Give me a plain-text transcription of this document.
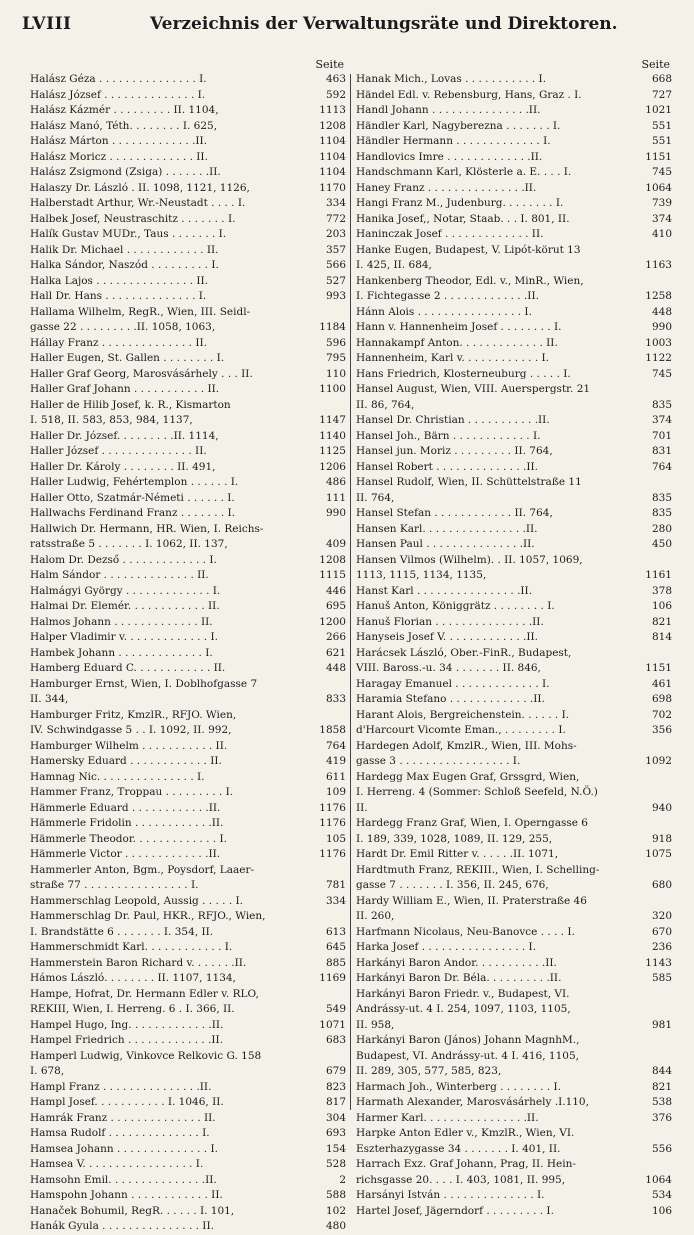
LVIII	Verzeichnis der Verwaltungsräte und Direktoren.
Seite
Halász Géza . . . . . . . . . . . . . . . I.	463
Halász József . . . . . . . . . . . . . . I.	592
Halász Kázmér . . . . . . . . . II. 1104,	1113
Halász Manó, Téth. . . . . . . . I. 625,	1208
Halász Márton . . . . . . . . . . . . .II.	1104
Halász Moricz . . . . . . . . . . . . . II.	1104
Halász Zsigmond (Zsiga) . . . . . . .II.	1104
Halaszy Dr. László . II. 1098, 1121, 1126,	1170
Halberstadt Arthur, Wr.-Neustadt . . . . I.	334
Halbek Josef, Neustraschitz . . . . . . . I.	772
Halík Gustav MUDr., Taus . . . . . . . I.	203
Halik Dr. Michael . . . . . . . . . . . . II.	357
Halka Sándor, Naszód . . . . . . . . . I.	566
Halka Lajos . . . . . . . . . . . . . . . II.	527
Hall Dr. Hans . . . . . . . . . . . . . . I.	993
Hallama Wilhelm, RegR., Wien, III. Seidl-
gasse 22 . . . . . . . . .II. 1058, 1063,	1184
Hállay Franz . . . . . . . . . . . . . . II.	596
Haller Eugen, St. Gallen . . . . . . . . I.	795
Haller Graf Georg, Marosvásárhely . . . II.	110
Haller Graf Johann . . . . . . . . . . . II.	1100
Haller de Hilib Josef, k. R., Kismarton
I. 518, II. 583, 853, 984, 1137,	1147
Haller Dr. József. . . . . . . . .II. 1114,	1140
Haller József . . . . . . . . . . . . . . II.	1125
Haller Dr. Károly . . . . . . . . II. 491,	1206
Haller Ludwig, Fehértemplon . . . . . . I.	486
Haller Otto, Szatmár-Németi . . . . . . I.	111
Hallwachs Ferdinand Franz . . . . . . . I.	990
Hallwich Dr. Hermann, HR. Wien, I. Reichs-
ratsstraße 5 . . . . . . . I. 1062, II. 137,	409
Halom Dr. Dezső . . . . . . . . . . . . . I.	1208
Halm Sándor . . . . . . . . . . . . . . II.	1115
Halmágyi György . . . . . . . . . . . . . I.	446
Halmai Dr. Elemér. . . . . . . . . . . . II.	695
Halmos Johann . . . . . . . . . . . . . II.	1200
Halper Vladimir v. . . . . . . . . . . . . I.	266
Hambek Johann . . . . . . . . . . . . . I.	621
Hamberg Eduard C. . . . . . . . . . . . II.	448
Hamburger Ernst, Wien, I. Doblhofgasse 7
II. 344,	833
Hamburger Fritz, KmzlR., RFJO. Wien,
IV. Schwindgasse 5 . . I. 1092, II. 992,	1858
Hamburger Wilhelm . . . . . . . . . . . II.	764
Hamersky Eduard . . . . . . . . . . . . II.	419
Hamnag Nic. . . . . . . . . . . . . . . I.	611
Hammer Franz, Troppau . . . . . . . . . I.	109
Hämmerle Eduard . . . . . . . . . . . .II.	1176
Hämmerle Fridolin . . . . . . . . . . . .II.	1176
Hämmerle Theodor. . . . . . . . . . . . . I.	105
Hämmerle Victor . . . . . . . . . . . . .II.	1176
Hammerler Anton, Bgm., Poysdorf, Laaer-
straße 77 . . . . . . . . . . . . . . . . I.	781
Hammerschlag Leopold, Aussig . . . . . I.	334
Hammerschlag Dr. Paul, HKR., RFJO., Wien,
I. Brandstätte 6 . . . . . . . I. 354, II.	613
Hammerschmidt Karl. . . . . . . . . . . . I.	645
Hammerstein Baron Richard v. . . . . . .II.	885
Hámos László. . . . . . . . II. 1107, 1134,	1169
Hampe, Hofrat, Dr. Hermann Edler v. RLO,
REKIII, Wien, I. Herreng. 6 . I. 366, II.	549
Hampel Hugo, Ing. . . . . . . . . . . . .II.	1071
Hampel Friedrich . . . . . . . . . . . . .II.	683
Hamperl Ludwig, Vinkovce Relkovic G. 158
I. 678,	679
Hampl Franz . . . . . . . . . . . . . . .II.	823
Hampl Josef. . . . . . . . . . . I. 1046, II.	817
Hamrák Franz . . . . . . . . . . . . . . II.	304
Hamsa Rudolf . . . . . . . . . . . . . . I.	693
Hamsea Johann . . . . . . . . . . . . . . I.	154
Hamsea V. . . . . . . . . . . . . . . . . I.	528
Hamsohn Emil. . . . . . . . . . . . . . .II.	2
Hamspohn Johann . . . . . . . . . . . . II.	588
Hanaček Bohumil, RegR. . . . . . I. 101,	102
Hanák Gyula . . . . . . . . . . . . . . . II.	480
Seite
Hanak Mich., Lovas . . . . . . . . . . . I.	668
Händel Edl. v. Rebensburg, Hans, Graz . I.	727
Handl Johann . . . . . . . . . . . . . . .II.	1021
Händler Karl, Nagyberezna . . . . . . . I.	551
Händler Hermann . . . . . . . . . . . . . I.	551
Handlovics Imre . . . . . . . . . . . . .II.	1151
Handschmann Karl, Klösterle a. E. . . . I.	745
Haney Franz . . . . . . . . . . . . . . .II.	1064
Hangi Franz M., Judenburg. . . . . . . . I.	739
Hanika Josef,, Notar, Staab. . . I. 801, II.	374
Haninczak Josef . . . . . . . . . . . . . II.	410
Hanke Eugen, Budapest, V. Lipót-körut 13
I. 425, II. 684,	1163
Hankenberg Theodor, Edl. v., MinR., Wien,
I. Fichtegasse 2 . . . . . . . . . . . . .II.	1258
Hánn Alois . . . . . . . . . . . . . . . . I.	448
Hann v. Hannenheim Josef . . . . . . . . I.	990
Hannakampf Anton. . . . . . . . . . . . . II.	1003
Hannenheim, Karl v. . . . . . . . . . . . I.	1122
Hans Friedrich, Klosterneuburg . . . . . I.	745
Hansel August, Wien, VIII. Auerspergstr. 21
II. 86, 764,	835
Hansel Dr. Christian . . . . . . . . . . .II.	374
Hansel Joh., Bärn . . . . . . . . . . . . I.	701
Hansel jun. Moriz . . . . . . . . . II. 764,	831
Hansel Robert . . . . . . . . . . . . . .II.	764
Hansel Rudolf, Wien, II. Schüttelstraße 11
II. 764,	835
Hansel Stefan . . . . . . . . . . . . II. 764,	835
Hansen Karl. . . . . . . . . . . . . . . .II.	280
Hansen Paul . . . . . . . . . . . . . . .II.	450
Hansen Vilmos (Wilhelm). . II. 1057, 1069,
1113, 1115, 1134, 1135,	1161
Hanst Karl . . . . . . . . . . . . . . . .II.	378
Hanuš Anton, Königgrätz . . . . . . . . I.	106
Hanuš Florian . . . . . . . . . . . . . . .II.	821
Hanyseis Josef V. . . . . . . . . . . . .II.	814
Harácsek László, Ober.-FinR., Budapest,
VIII. Baross.-u. 34 . . . . . . . II. 846,	1151
Haragay Emanuel . . . . . . . . . . . . . I.	461
Haramia Stefano . . . . . . . . . . . . .II.	698
Harant Alois, Bergreichenstein. . . . . . I.	702
d'Harcourt Vicomte Eman., . . . . . . . . I.	356
Hardegen Adolf, KmzlR., Wien, III. Mohs-
gasse 3 . . . . . . . . . . . . . . . . . I.	1092
Hardegg Max Eugen Graf, Grssgrd, Wien,
I. Herreng. 4 (Sommer: Schloß Seefeld, N.Ö.)
II.	940
Hardegg Franz Graf, Wien, I. Operngasse 6
I. 189, 339, 1028, 1089, II. 129, 255,	918
Hardt Dr. Emil Ritter v. . . . . .II. 1071,	1075
Hardtmuth Franz, REKIII., Wien, I. Schelling-
gasse 7 . . . . . . . I. 356, II. 245, 676,	680
Hardy William E., Wien, II. Praterstraße 46
II. 260,	320
Harfmann Nicolaus, Neu-Banovce . . . . I.	670
Harka Josef . . . . . . . . . . . . . . . . I.	236
Harkányi Baron Andor. . . . . . . . . . .II.	1143
Harkányi Baron Dr. Béla. . . . . . . . . .II.	585
Harkányi Baron Friedr. v., Budapest, VI.
Andrássy-ut. 4 I. 254, 1097, 1103, 1105,
II. 958,	981
Harkányi Baron (János) Johann MagnhM.,
Budapest, VI. Andrássy-ut. 4 I. 416, 1105,
II. 289, 305, 577, 585, 823,	844
Harmach Joh., Winterberg . . . . . . . . I.	821
Harmath Alexander, Marosvásárhely .I.110,	538
Harmer Karl. . . . . . . . . . . . . . . .II.	376
Harpke Anton Edler v., KmzlR., Wien, VI.
Eszterhazygasse 34 . . . . . . . I. 401, II.	556
Harrach Exz. Graf Johann, Prag, II. Hein-
richsgasse 20. . . . I. 403, 1081, II. 995,	1064
Harsányi István . . . . . . . . . . . . . . I.	534
Hartel Josef, Jägerndorf . . . . . . . . . I.	106
